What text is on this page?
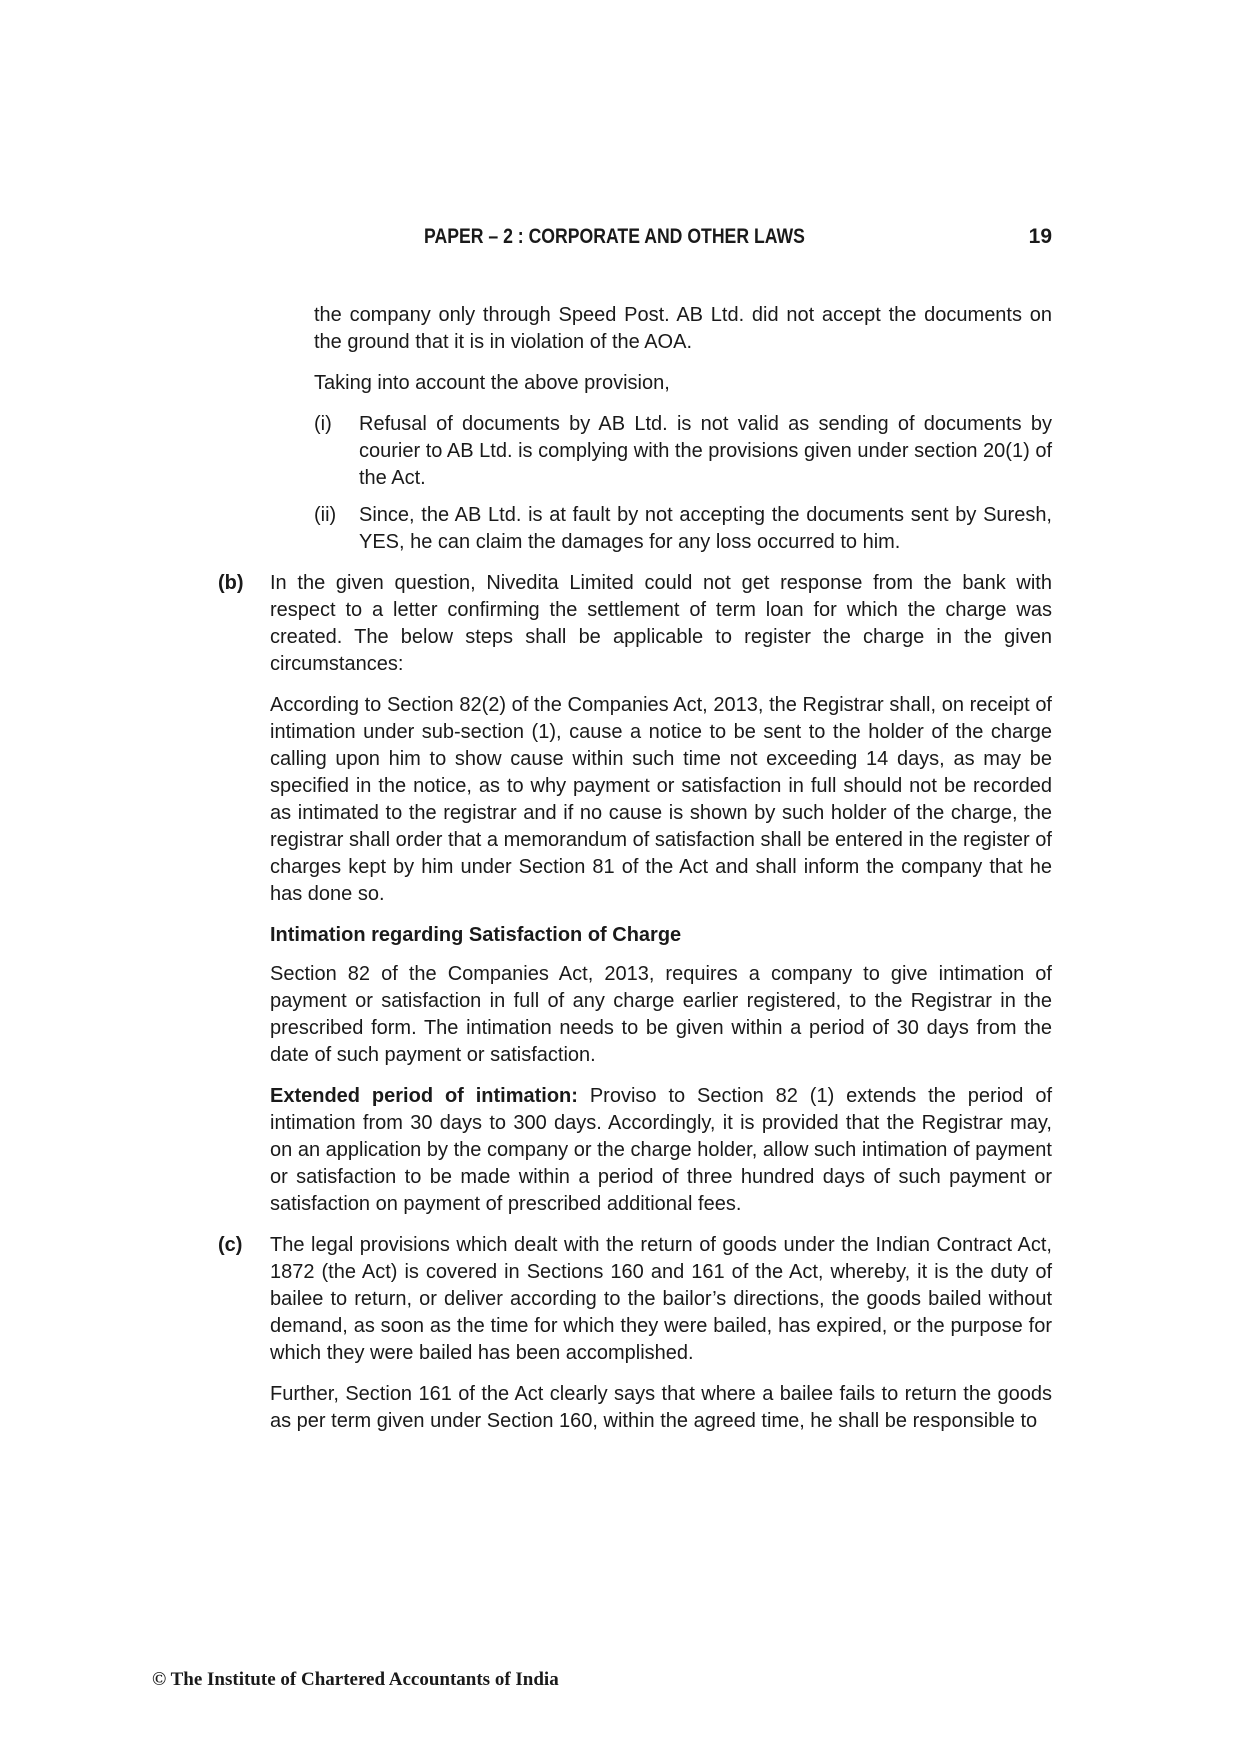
PAPER – 2 : CORPORATE AND OTHER LAWS	19

the company only through Speed Post. AB Ltd. did not accept the documents on the ground that it is in violation of the AOA.

Taking into account the above provision,

(i) Refusal of documents by AB Ltd. is not valid as sending of documents by courier to AB Ltd. is complying with the provisions given under section 20(1) of the Act.
(ii) Since, the AB Ltd. is at fault by not accepting the documents sent by Suresh, YES, he can claim the damages for any loss occurred to him.
(b) In the given question, Nivedita Limited could not get response from the bank with respect to a letter confirming the settlement of term loan for which the charge was created. The below steps shall be applicable to register the charge in the given circumstances:

According to Section 82(2) of the Companies Act, 2013, the Registrar shall, on receipt of intimation under sub-section (1), cause a notice to be sent to the holder of the charge calling upon him to show cause within such time not exceeding 14 days, as may be specified in the notice, as to why payment or satisfaction in full should not be recorded as intimated to the registrar and if no cause is shown by such holder of the charge, the registrar shall order that a memorandum of satisfaction shall be entered in the register of charges kept by him under Section 81 of the Act and shall inform the company that he has done so.

Intimation regarding Satisfaction of Charge

Section 82 of the Companies Act, 2013, requires a company to give intimation of payment or satisfaction in full of any charge earlier registered, to the Registrar in the prescribed form. The intimation needs to be given within a period of 30 days from the date of such payment or satisfaction.

Extended period of intimation: Proviso to Section 82 (1) extends the period of intimation from 30 days to 300 days. Accordingly, it is provided that the Registrar may, on an application by the company or the charge holder, allow such intimation of payment or satisfaction to be made within a period of three hundred days of such payment or satisfaction on payment of prescribed additional fees.

(c) The legal provisions which dealt with the return of goods under the Indian Contract Act, 1872 (the Act) is covered in Sections 160 and 161 of the Act, whereby, it is the duty of bailee to return, or deliver according to the bailor’s directions, the goods bailed without demand, as soon as the time for which they were bailed, has expired, or the purpose for which they were bailed has been accomplished.

Further, Section 161 of the Act clearly says that where a bailee fails to return the goods as per term given under Section 160, within the agreed time, he shall be responsible to

© The Institute of Chartered Accountants of India
